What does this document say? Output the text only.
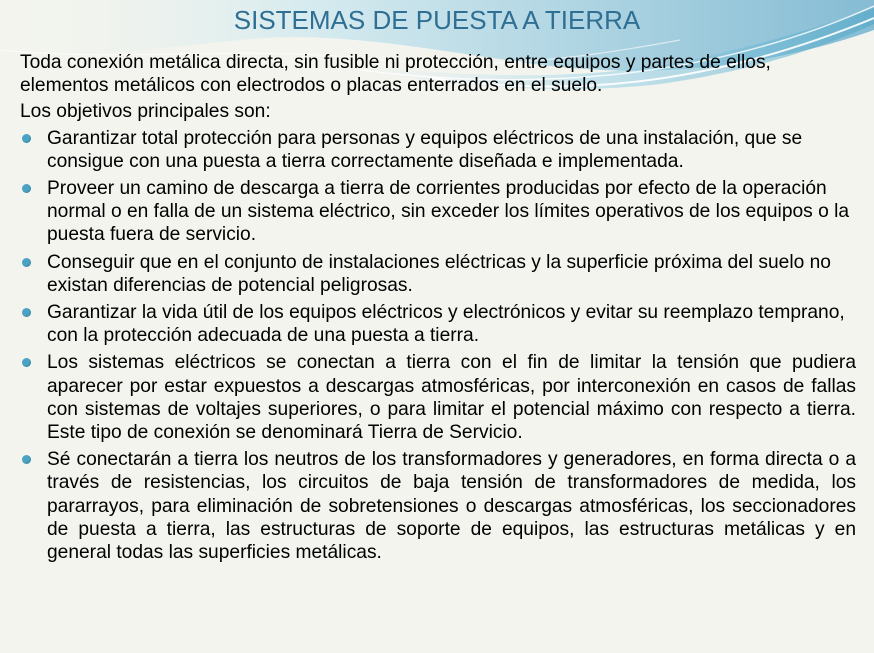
SISTEMAS DE PUESTA A TIERRA

Toda conexión metálica directa, sin fusible ni protección, entre equipos y partes de ellos, elementos metálicos con electrodos o placas enterrados en el suelo.

Los objetivos principales son:

Garantizar total protección para personas y equipos eléctricos de una instalación, que se consigue con una puesta a tierra correctamente diseñada e implementada.
Proveer un camino de descarga a tierra de corrientes producidas por efecto de la operación normal o en falla de un sistema eléctrico, sin exceder los límites operativos de los equipos o la puesta fuera de servicio.
Conseguir que en el conjunto de instalaciones eléctricas y la superficie próxima del suelo no existan diferencias de potencial peligrosas.
Garantizar la vida útil de los equipos eléctricos y electrónicos y evitar su reemplazo temprano, con la protección adecuada de una puesta a tierra.
Los sistemas eléctricos se conectan a tierra con el fin de limitar la tensión que pudiera aparecer por estar expuestos a descargas atmosféricas, por interconexión en casos de fallas con sistemas de voltajes superiores, o para limitar el potencial máximo con respecto a tierra. Este tipo de conexión se denominará Tierra de Servicio.
Sé conectarán a tierra los neutros de los transformadores y generadores, en forma directa o a través de resistencias, los circuitos de baja tensión de transformadores de medida, los pararrayos, para eliminación de sobretensiones o descargas atmosféricas, los seccionadores de puesta a tierra, las estructuras de soporte de equipos, las estructuras metálicas y en general todas las superficies metálicas.
